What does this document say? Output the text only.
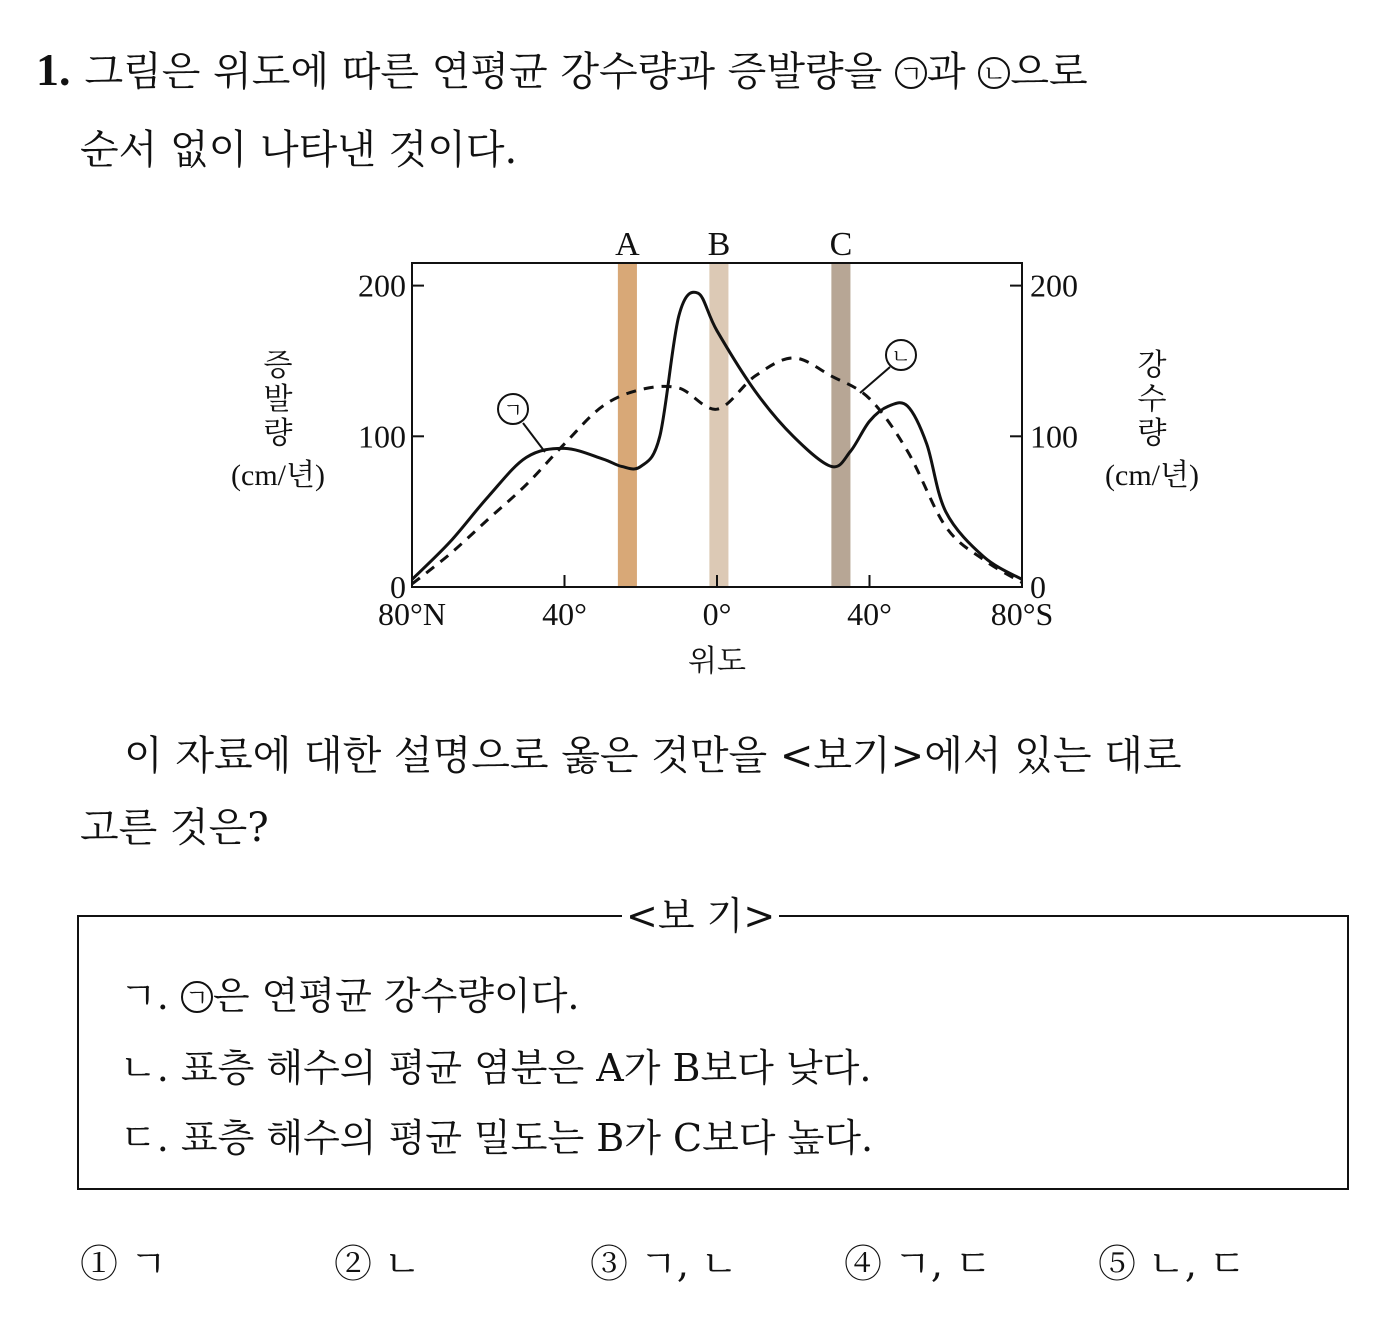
1. 그림은 위도에 따른 연평균 강수량과 증발량을 ㄱ 과 ㄴ 으로
순서 없이 나타낸 것이다.
A B	C
0	0
100	100
200	200
80°N	40°	0°	40°	80°S
위도
증
발
량
(cm/년)
강
수
량
(cm/년)
ㄱ
ㄴ
이 자료에 대한 설명으로 옳은 것만을 <보기>에서 있는 대로
고른 것은?
<보 기>
ㄱ. ㄱ 은 연평균 강수량이다.
ㄴ. 표층 해수의 평균 염분은 A가 B보다 낮다.
ㄷ. 표층 해수의 평균 밀도는 B가 C보다 높다.
① ㄱ	② ㄴ	③ ㄱ, ㄴ	④ ㄱ, ㄷ	⑤ ㄴ, ㄷ
